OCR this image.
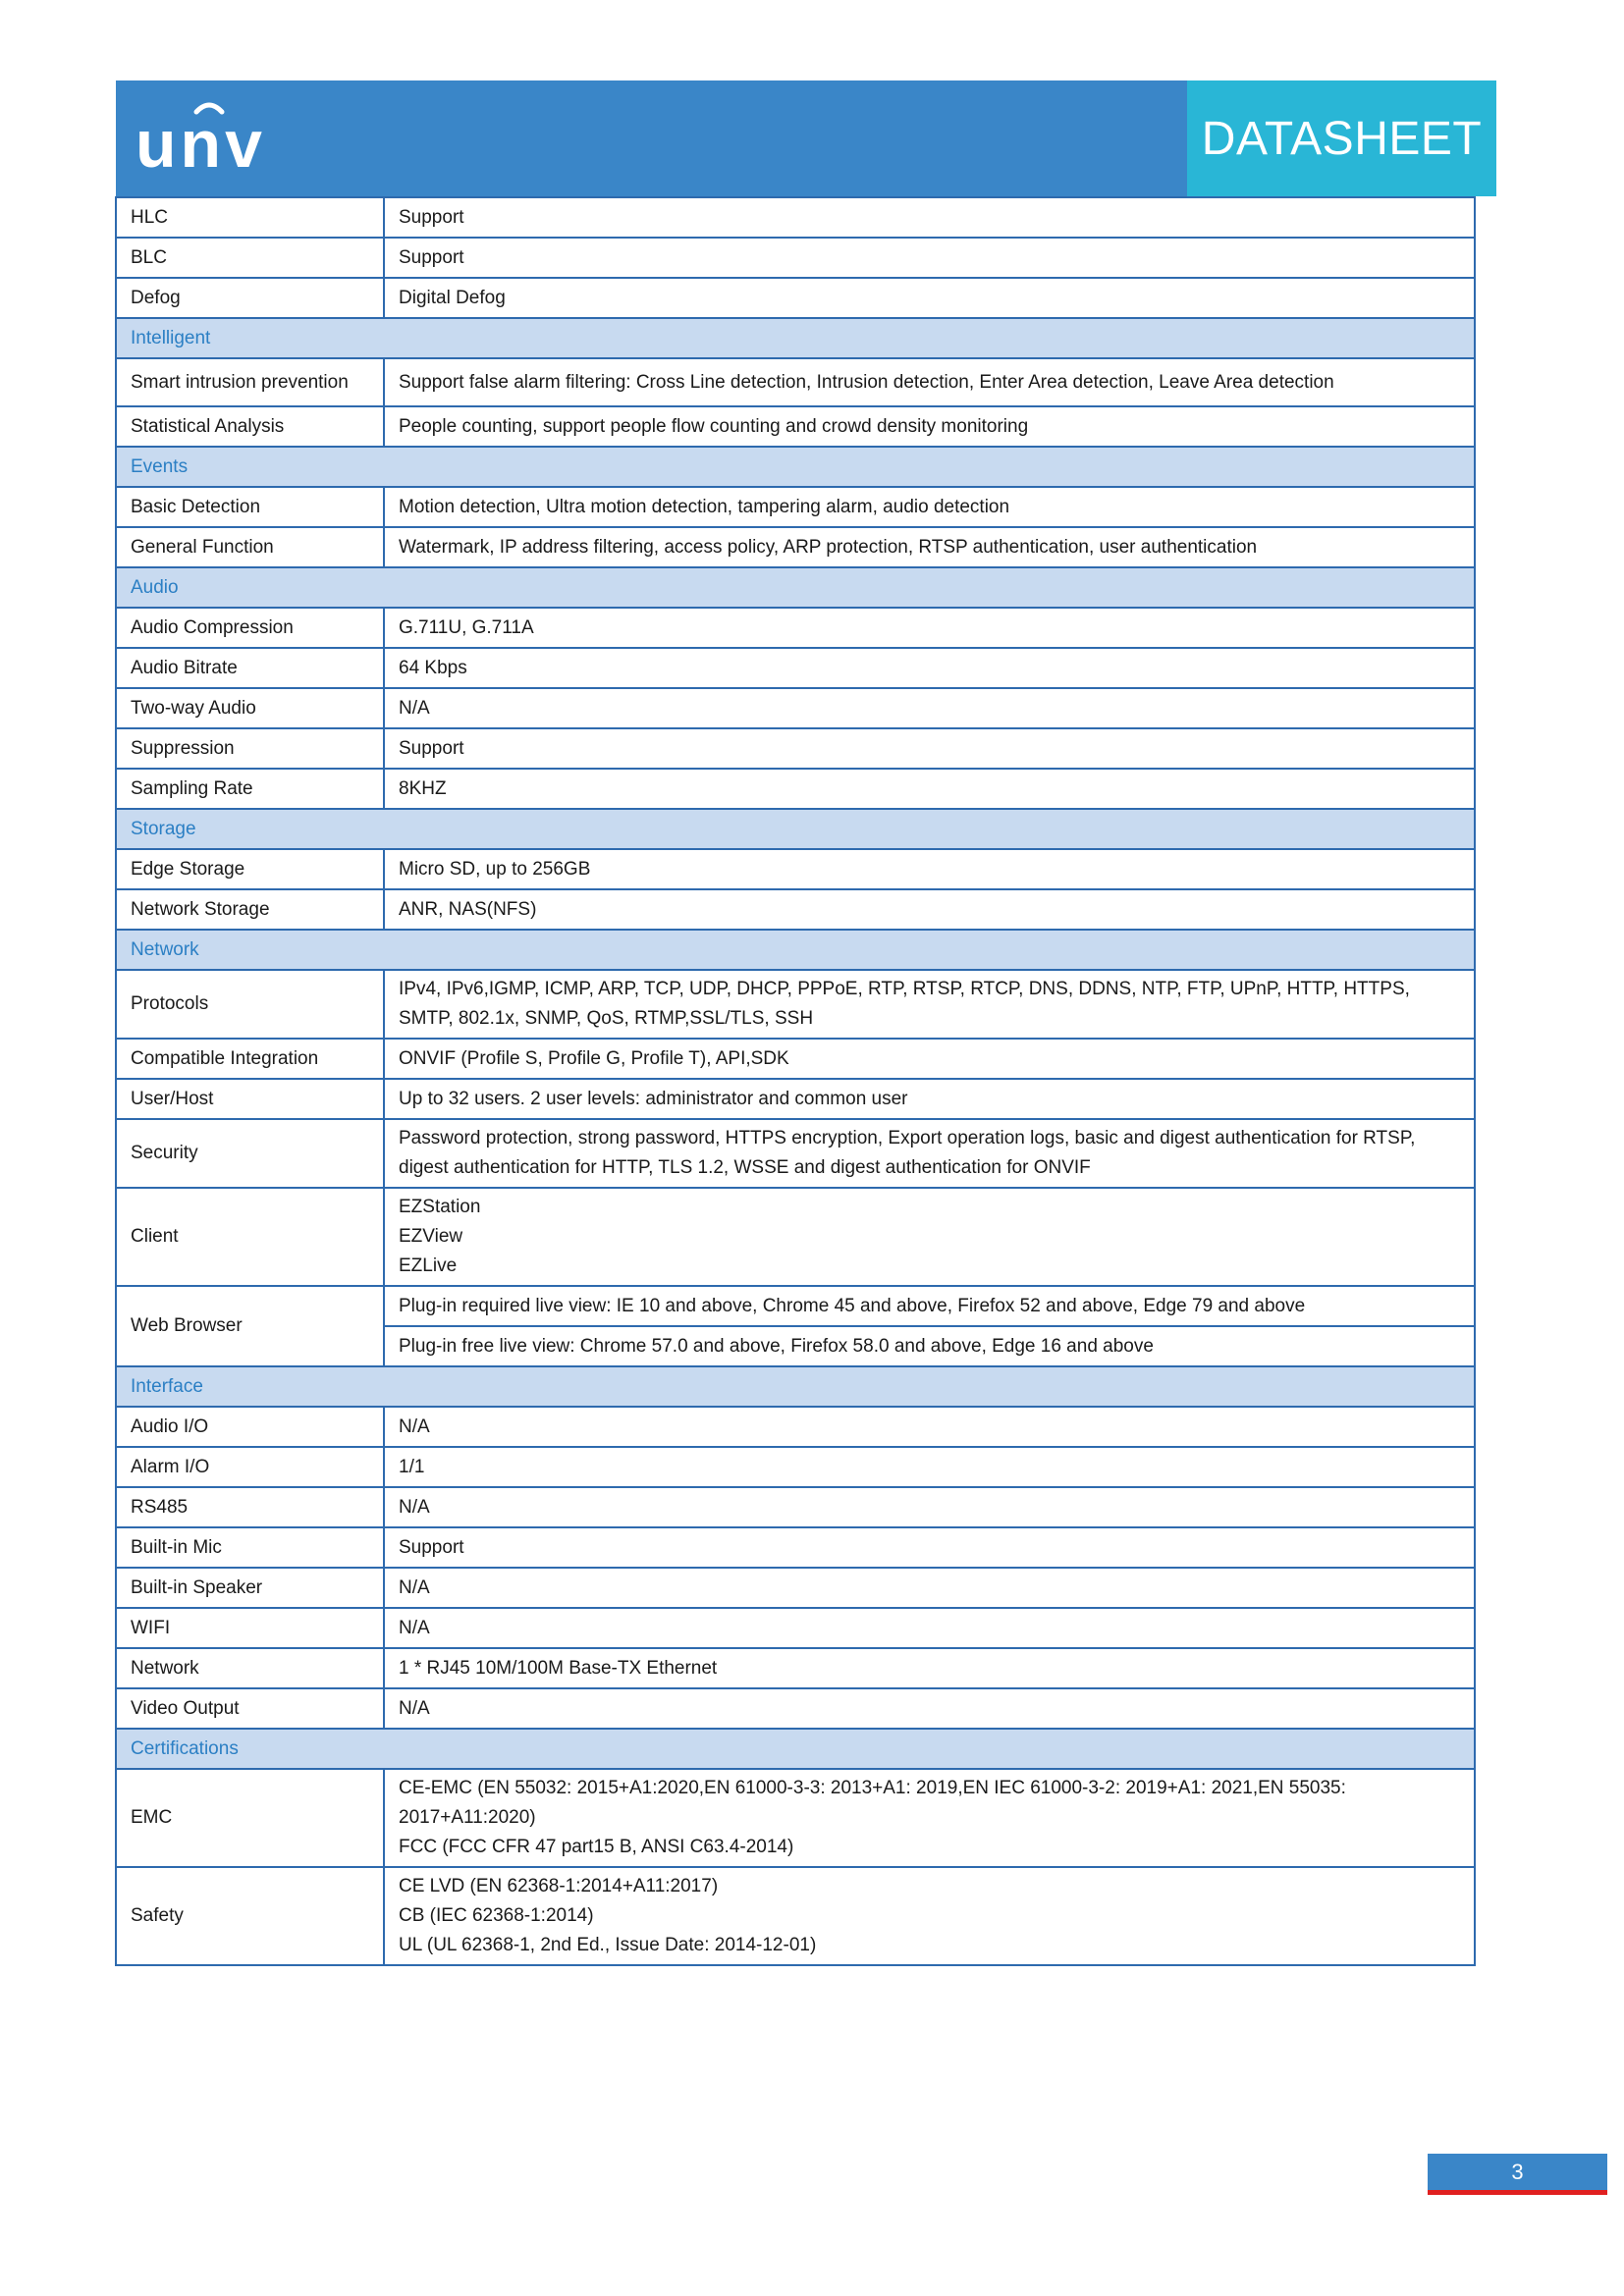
unv	DATASHEET
HLC	Support

BLC	Support

Defog	Digital Defog

Intelligent	
Smart intrusion prevention	Support false alarm filtering: Cross Line detection, Intrusion detection, Enter Area detection, Leave Area detection

Statistical Analysis	People counting, support people flow counting and crowd density monitoring

Events	
Basic Detection	Motion detection, Ultra motion detection, tampering alarm, audio detection

General Function	Watermark, IP address filtering, access policy, ARP protection, RTSP authentication, user authentication

Audio	
Audio Compression	G.711U, G.711A

Audio Bitrate	64 Kbps

Two-way Audio	N/A

Suppression	Support

Sampling Rate	8KHZ

Storage	
Edge Storage	Micro SD, up to 256GB

Network Storage	ANR, NAS(NFS)

Network	
Protocols	IPv4, IPv6,IGMP, ICMP, ARP, TCP, UDP, DHCP, PPPoE, RTP, RTSP, RTCP, DNS, DDNS, NTP, FTP, UPnP, HTTP, HTTPS, SMTP, 802.1x, SNMP, QoS, RTMP,SSL/TLS, SSH

Compatible Integration	ONVIF (Profile S, Profile G, Profile T), API,SDK

User/Host	Up to 32 users. 2 user levels: administrator and common user

Security	Password protection, strong password, HTTPS encryption, Export operation logs, basic and digest authentication for RTSP, digest authentication for HTTP, TLS 1.2, WSSE and digest authentication for ONVIF

Client	EZStation
EZView
EZLive

Web Browser	Plug-in required live view: IE 10 and above, Chrome 45 and above, Firefox 52 and above, Edge 79 and above
	Plug-in free live view: Chrome 57.0 and above, Firefox 58.0 and above, Edge 16 and above
Interface	
Audio I/O	N/A

Alarm I/O	1/1

RS485	N/A

Built-in Mic	Support

Built-in Speaker	N/A

WIFI	N/A

Network	1 * RJ45 10M/100M Base-TX Ethernet

Video Output	N/A

Certifications	
EMC	CE-EMC (EN 55032: 2015+A1:2020,EN 61000-3-3: 2013+A1: 2019,EN IEC 61000-3-2: 2019+A1: 2021,EN 55035: 2017+A11:2020)
FCC (FCC CFR 47 part15 B, ANSI C63.4-2014)

Safety	CE LVD (EN 62368-1:2014+A11:2017)
CB (IEC 62368-1:2014)
UL (UL 62368-1, 2nd Ed., Issue Date: 2014-12-01)
3
